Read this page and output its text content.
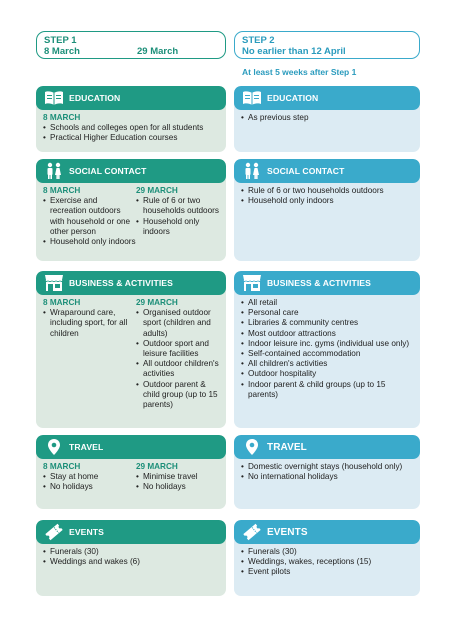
STEP 1
8 March	29 March
STEP 2
No earlier than 12 April
At least 5 weeks after Step 1
EDUCATION
8 MARCH
• Schools and colleges open for all students
• Practical Higher Education courses
EDUCATION
• As previous step
SOCIAL CONTACT
8 MARCH
• Exercise and recreation outdoors with household or one other person
• Household only indoors
29 MARCH
• Rule of 6 or two households outdoors
• Household only indoors
SOCIAL CONTACT
• Rule of 6 or two households outdoors
• Household only indoors
BUSINESS & ACTIVITIES
8 MARCH
• Wraparound care, including sport, for all children
29 MARCH
• Organised outdoor sport (children and adults)
• Outdoor sport and leisure facilities
• All outdoor children's activities
• Outdoor parent & child group (up to 15 parents)
BUSINESS & ACTIVITIES
• All retail
• Personal care
• Libraries & community centres
• Most outdoor attractions
• Indoor leisure inc. gyms (individual use only)
• Self-contained accommodation
• All children's activities
• Outdoor hospitality
• Indoor parent & child groups (up to 15 parents)
TRAVEL
8 MARCH
• Stay at home
• No holidays
29 MARCH
• Minimise travel
• No holidays
TRAVEL
• Domestic overnight stays (household only)
• No international holidays
EVENTS
• Funerals (30)
• Weddings and wakes (6)
EVENTS
• Funerals (30)
• Weddings, wakes, receptions (15)
• Event pilots
